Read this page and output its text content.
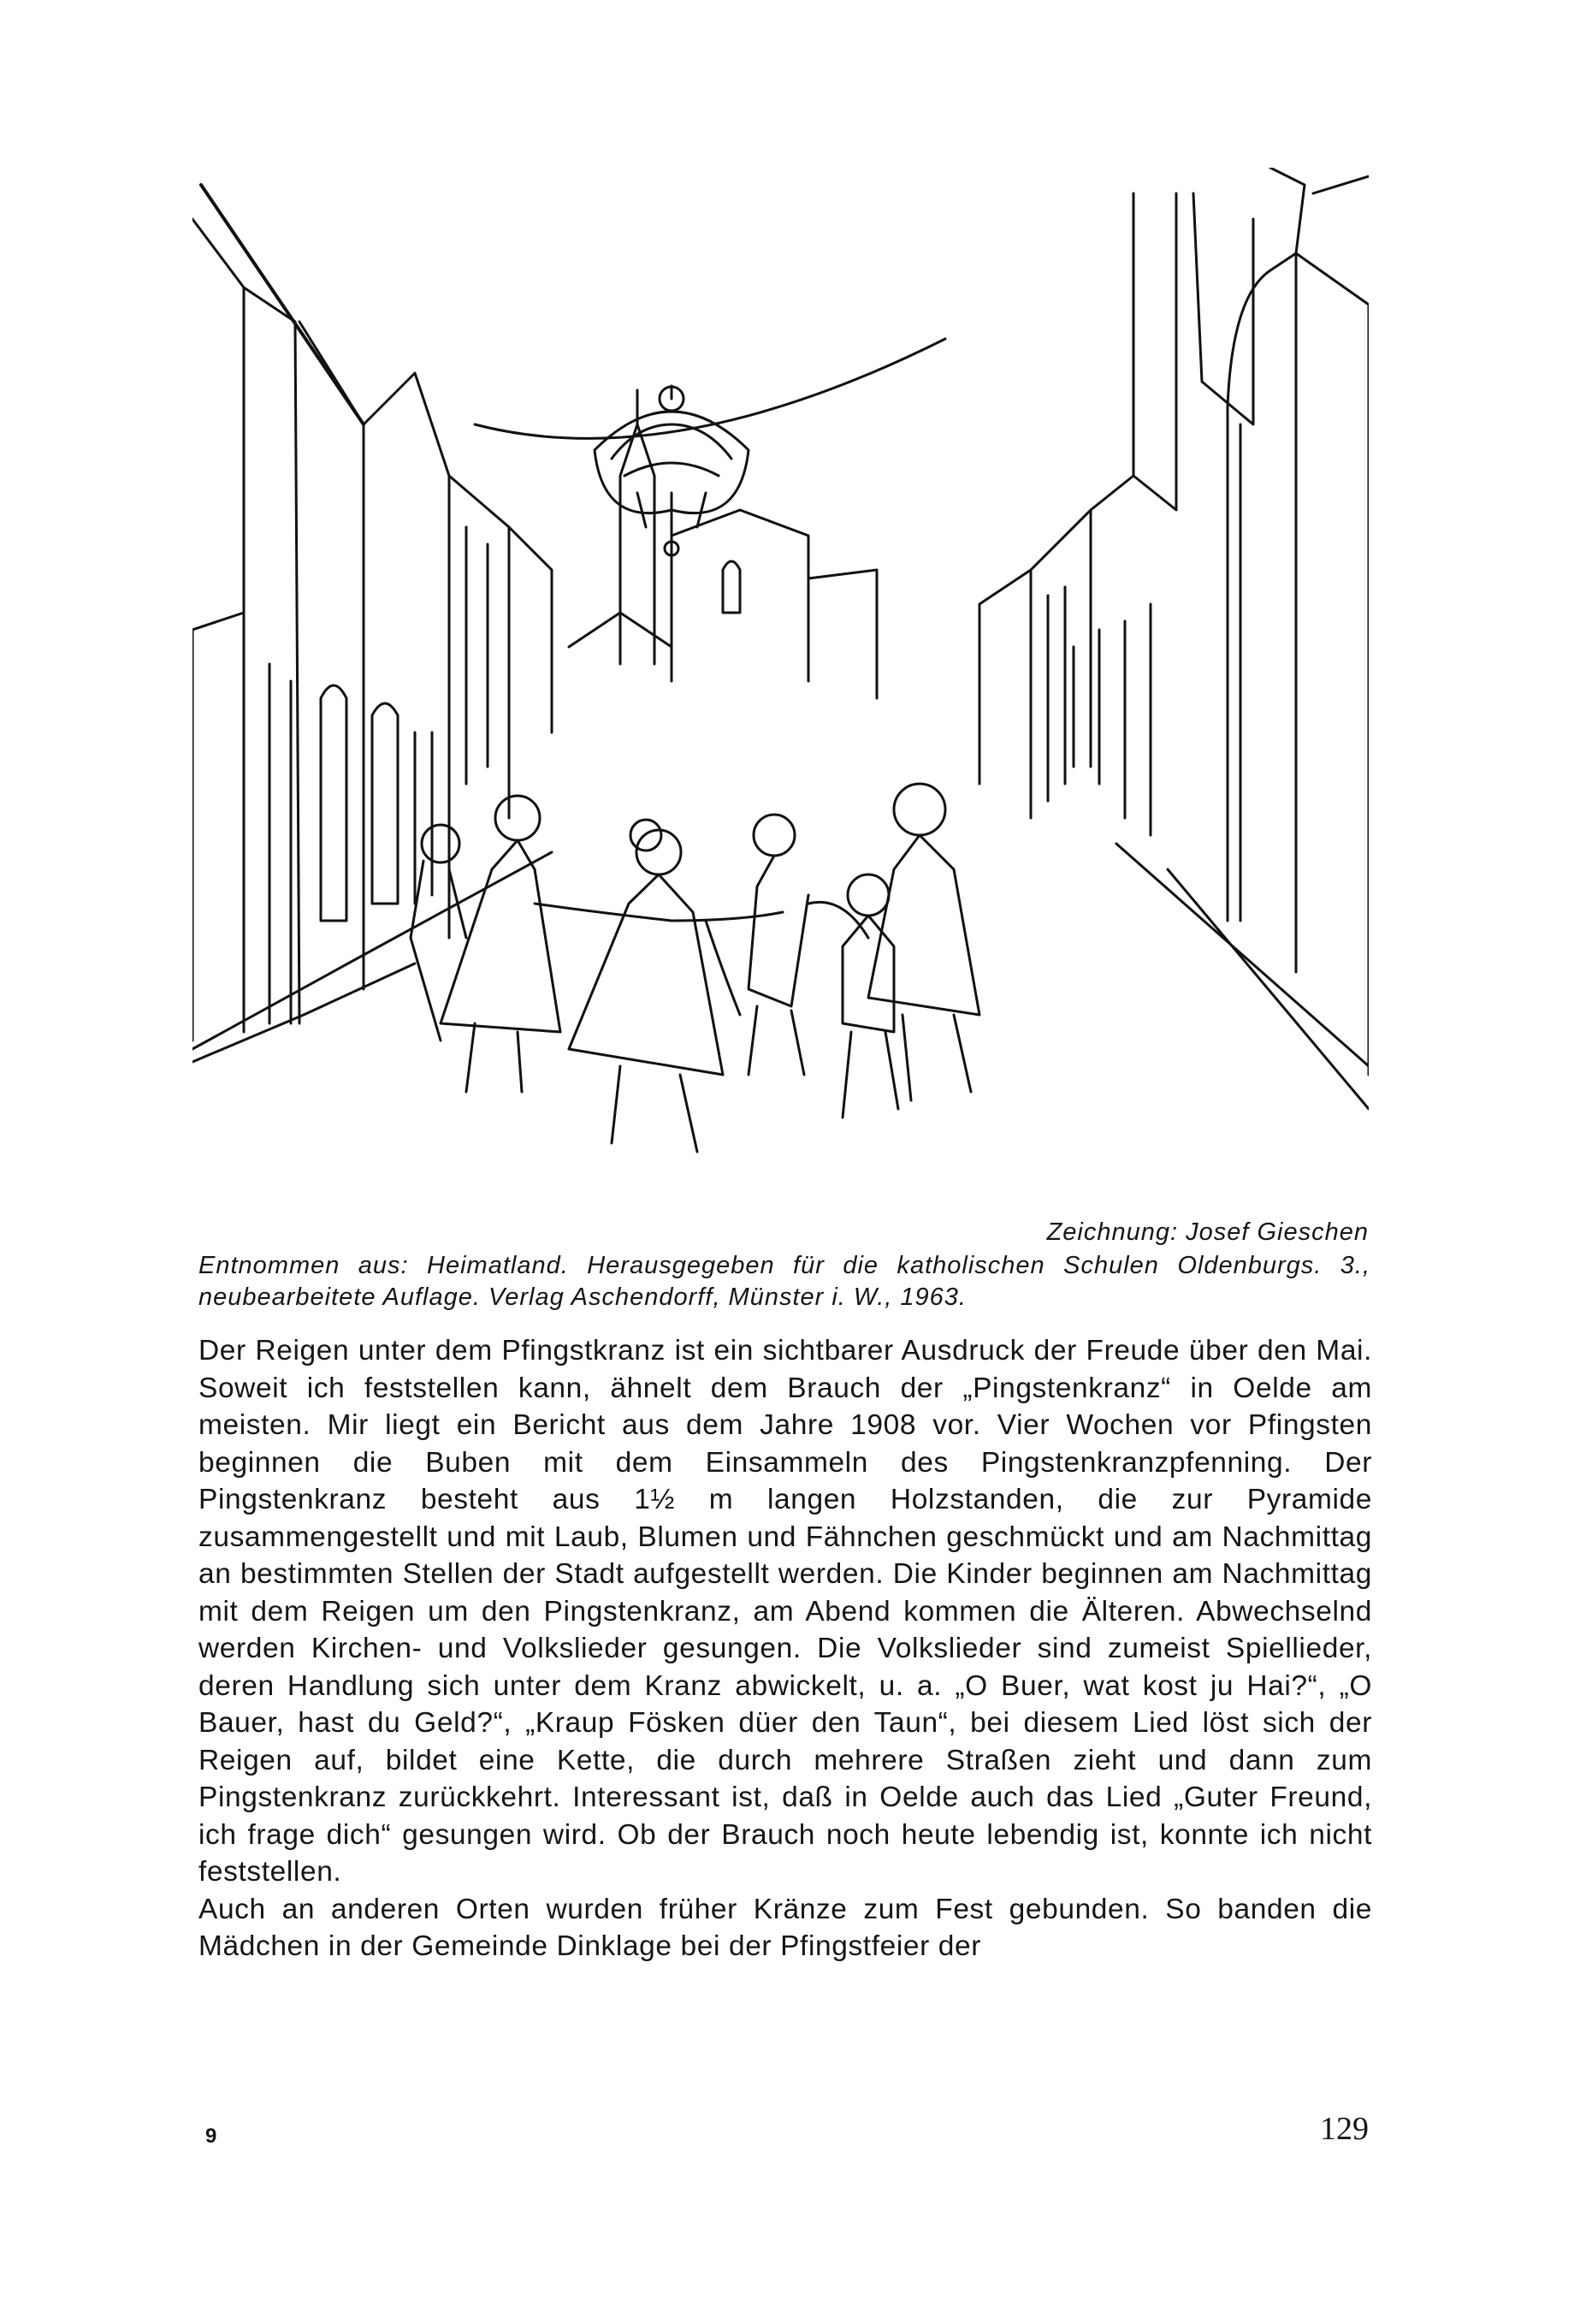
Zeichnung: Josef Gieschen
Entnommen aus: Heimatland. Herausgegeben für die katholischen Schulen Oldenburgs. 3., neubearbeitete Auflage. Verlag Aschendorff, Münster i. W., 1963.

Der Reigen unter dem Pfingstkranz ist ein sichtbarer Ausdruck der Freude über den Mai. Soweit ich feststellen kann, ähnelt dem Brauch der „Pingstenkranz“ in Oelde am meisten. Mir liegt ein Bericht aus dem Jahre 1908 vor. Vier Wochen vor Pfingsten beginnen die Buben mit dem Einsammeln des Pingstenkranzpfenning. Der Pingstenkranz besteht aus 1½ m langen Holzstanden, die zur Pyramide zusammengestellt und mit Laub, Blumen und Fähnchen geschmückt und am Nachmittag an bestimmten Stellen der Stadt aufgestellt werden. Die Kinder beginnen am Nachmittag mit dem Reigen um den Pingstenkranz, am Abend kommen die Älteren. Abwechselnd werden Kirchen- und Volkslieder gesungen. Die Volkslieder sind zumeist Spiellieder, deren Handlung sich unter dem Kranz abwickelt, u. a. „O Buer, wat kost ju Hai?“, „O Bauer, hast du Geld?“, „Kraup Fösken düer den Taun“, bei diesem Lied löst sich der Reigen auf, bildet eine Kette, die durch mehrere Straßen zieht und dann zum Pingstenkranz zurückkehrt. Interessant ist, daß in Oelde auch das Lied „Guter Freund, ich frage dich“ gesungen wird. Ob der Brauch noch heute lebendig ist, konnte ich nicht feststellen.

Auch an anderen Orten wurden früher Kränze zum Fest gebunden. So banden die Mädchen in der Gemeinde Dinklage bei der Pfingstfeier der

9	129
